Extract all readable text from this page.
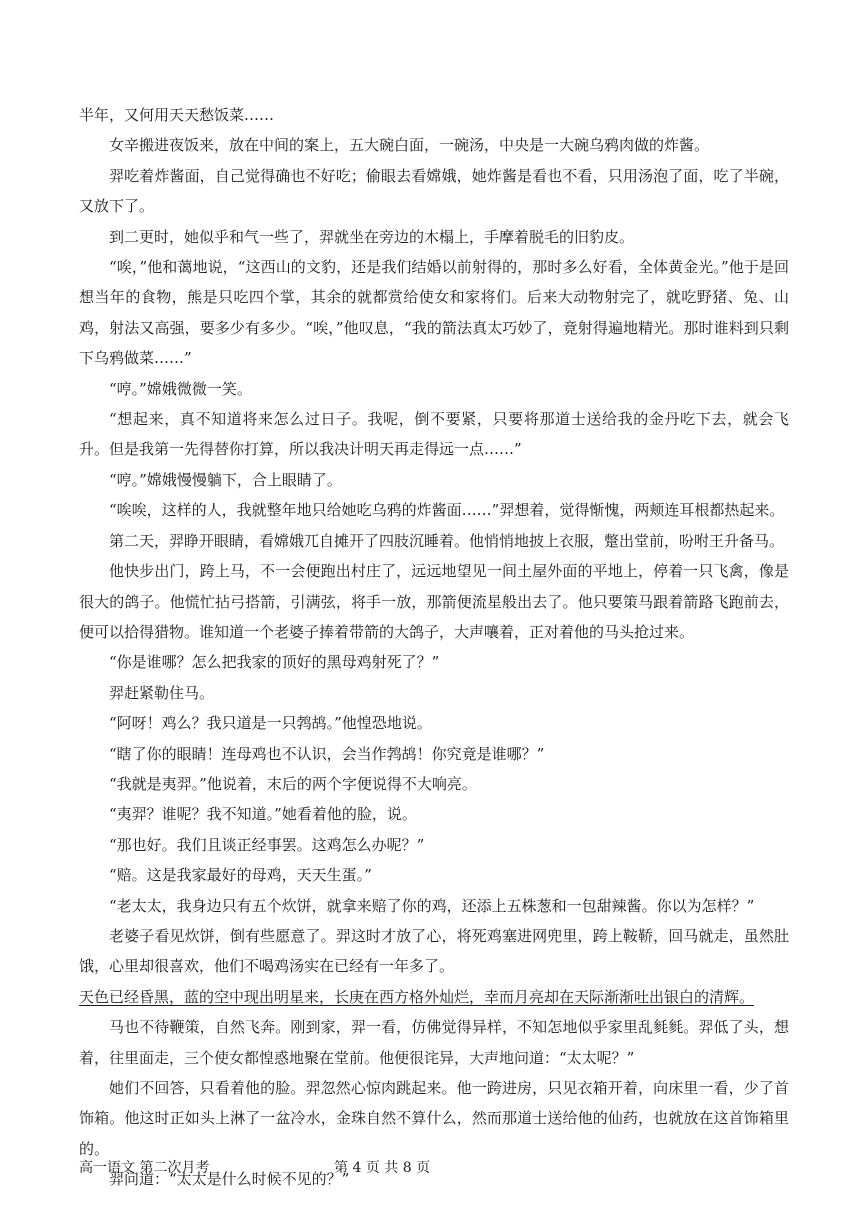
半年，又何用天天愁饭菜……

女辛搬进夜饭来，放在中间的案上，五大碗白面，一碗汤，中央是一大碗乌鸦肉做的炸酱。

羿吃着炸酱面，自己觉得确也不好吃；偷眼去看嫦娥，她炸酱是看也不看，只用汤泡了面，吃了半碗，又放下了。

到二更时，她似乎和气一些了，羿就坐在旁边的木榻上，手摩着脱毛的旧豹皮。

“唉，”他和蔼地说，“这西山的文豹，还是我们结婚以前射得的，那时多么好看，全体黄金光。”他于是回想当年的食物，熊是只吃四个掌，其余的就都赏给使女和家将们。后来大动物射完了，就吃野猪、兔、山鸡，射法又高强，要多少有多少。“唉，”他叹息，“我的箭法真太巧妙了，竟射得遍地精光。那时谁料到只剩下乌鸦做菜……”

“哼。”嫦娥微微一笑。

“想起来，真不知道将来怎么过日子。我呢，倒不要紧，只要将那道士送给我的金丹吃下去，就会飞升。但是我第一先得替你打算，所以我决计明天再走得远一点……”

“哼。”嫦娥慢慢躺下，合上眼睛了。

“唉唉，这样的人，我就整年地只给她吃乌鸦的炸酱面……”羿想着，觉得惭愧，两颊连耳根都热起来。

第二天，羿睁开眼睛，看嫦娥兀自摊开了四肢沉睡着。他悄悄地披上衣服，蹩出堂前，吩咐王升备马。

他快步出门，跨上马，不一会便跑出村庄了，远远地望见一间土屋外面的平地上，停着一只飞禽，像是很大的鸽子。他慌忙拈弓搭箭，引满弦，将手一放，那箭便流星般出去了。他只要策马跟着箭路飞跑前去，便可以拾得猎物。谁知道一个老婆子捧着带箭的大鸽子，大声嚷着，正对着他的马头抢过来。

“你是谁哪？怎么把我家的顶好的黑母鸡射死了？”

羿赶紧勒住马。

“阿呀！鸡么？我只道是一只鹁鸪。”他惶恐地说。

“瞎了你的眼睛！连母鸡也不认识，会当作鹁鸪！你究竟是谁哪？”

“我就是夷羿。”他说着，末后的两个字便说得不大响亮。

“夷羿？谁呢？我不知道。”她看着他的脸，说。

“那也好。我们且谈正经事罢。这鸡怎么办呢？”

“赔。这是我家最好的母鸡，天天生蛋。”

“老太太，我身边只有五个炊饼，就拿来赔了你的鸡，还添上五株葱和一包甜辣酱。你以为怎样？”

老婆子看见炊饼，倒有些愿意了。羿这时才放了心，将死鸡塞进网兜里，跨上鞍鞒，回马就走，虽然肚饿，心里却很喜欢，他们不喝鸡汤实在已经有一年多了。

天色已经昏黑，蓝的空中现出明星来，长庚在西方格外灿烂，幸而月亮却在天际渐渐吐出银白的清辉。

马也不待鞭策，自然飞奔。刚到家，羿一看，仿佛觉得异样，不知怎地似乎家里乱毵毵。羿低了头，想着，往里面走，三个使女都惶惑地聚在堂前。他便很诧异，大声地问道：“太太呢？”

她们不回答，只看着他的脸。羿忽然心惊肉跳起来。他一跨进房，只见衣箱开着，向床里一看，少了首饰箱。他这时正如头上淋了一盆冷水，金珠自然不算什么，然而那道士送给他的仙药，也就放在这首饰箱里的。

羿问道：“太太是什么时候不见的？”

高一语文 第二次月考	第 4 页 共 8 页
